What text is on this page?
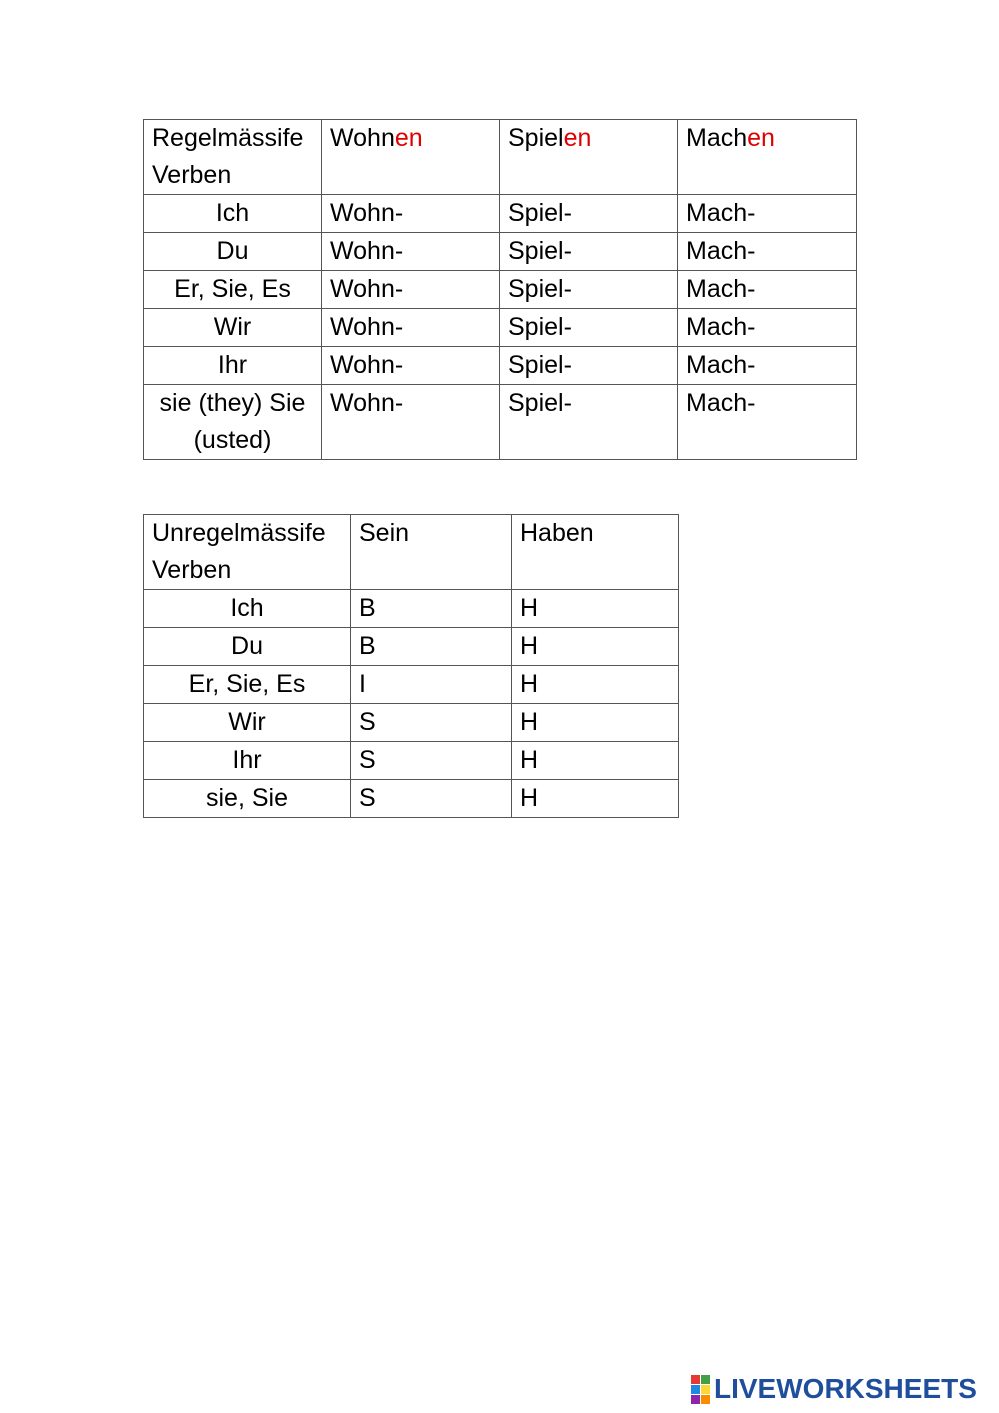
Regelmässife Verben	Wohnen	Spielen	Machen
Ich	Wohn-	Spiel-	Mach-
Du	Wohn-	Spiel-	Mach-
Er, Sie, Es	Wohn-	Spiel-	Mach-
Wir	Wohn-	Spiel-	Mach-
Ihr	Wohn-	Spiel-	Mach-
sie (they) Sie (usted)	Wohn-	Spiel-	Mach-
Unregelmässife Verben	Sein	Haben
Ich	B	H
Du	B	H
Er, Sie, Es	I	H
Wir	S	H
Ihr	S	H
sie, Sie	S	H
LIVEWORKSHEETS
